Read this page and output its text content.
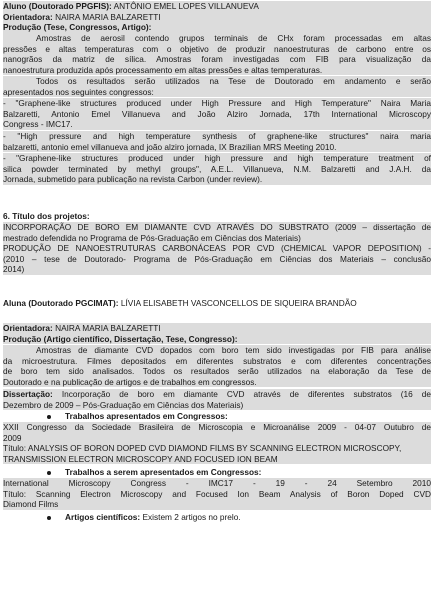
Aluno (Doutorado PPGFIS): ANTÔNIO EMEL LOPES VILLANUEVA
Orientadora: NAIRA MARIA BALZARETTI
Produção (Tese, Congressos, Artigo):
Amostras de aerosil contendo grupos terminais de CHx foram processadas em altas
pressões e altas temperaturas com o objetivo de produzir nanoestruturas de carbono entre os
nanogrãos da matriz de sílica. Amostras foram investigadas com FIB para visualização da
nanoestrutura produzida após processamento em altas pressões e altas temperaturas.
Todos os resultados serão utilizados na Tese de Doutorado em andamento e serão
apresentados nos seguintes congressos:
- "Graphene-like structures produced under High Pressure and High Temperature" Naira Maria
Balzaretti, Antonio Emel Villanueva and João Alziro Jornada, 17th International Microscopy
Congress - IMC17.
- "High pressure and high temperature synthesis of graphene-like structures" naira maria
balzaretti, antonio emel villanueva and joão alziro jornada, IX Brazilian MRS Meeting 2010.
- "Graphene-like structures produced under high pressure and high temperature treatment of
silica powder terminated by methyl groups", A.E.L. Villanueva, N.M. Balzaretti and J.A.H. da
Jornada, submetido para publicação na revista Carbon (under review).
6. Título dos projetos:
INCORPORAÇÃO DE BORO EM DIAMANTE CVD ATRAVÉS DO SUBSTRATO (2009 – dissertação de
mestrado defendida no Programa de Pós-Graduação em Ciências dos Materiais)
PRODUÇÃO DE NANOESTRUTURAS CARBONÁCEAS POR CVD (CHEMICAL VAPOR DEPOSITION) -
(2010 – tese de Doutorado- Programa de Pós-Graduação em Ciências dos Materiais – conclusão
2014)
Aluna (Doutorado PGCIMAT): LÍVIA ELISABETH VASCONCELLOS DE SIQUEIRA BRANDÃO
Orientadora: NAIRA MARIA BALZARETTI
Produção (Artigo científico, Dissertação, Tese, Congresso):
Amostras de diamante CVD dopados com boro tem sido investigadas por FIB para análise
da microestrutura. Filmes depositados em diferentes substratos e com diferentes concentrações
de boro tem sido analisados. Todos os resultados serão utilizados na elaboração da Tese de
Doutorado e na publicação de artigos e de trabalhos em congressos.
Dissertação: Incorporação de boro em diamante CVD através de diferentes substratos (16 de
Dezembro de 2009 – Pós-Graduação em Ciências dos Materiais)
Trabalhos apresentados em Congressos:
XXII Congresso da Sociedade Brasileira de Microscopia e Microanálise 2009 - 04-07 Outubro de
2009
Título: ANALYSIS OF BORON DOPED CVD DIAMOND FILMS BY SCANNING ELECTRON MICROSCOPY,
TRANSMISSION ELECTRON MICROSCOPY AND FOCUSED ION BEAM
Trabalhos a serem apresentados em Congressos:
International Microscopy Congress - IMC17 - 19 - 24 Setembro 2010
Título: Scanning Electron Microscopy and Focused Ion Beam Analysis of Boron Doped CVD
Diamond Films
Artigos científicos: Existem 2 artigos no prelo.
